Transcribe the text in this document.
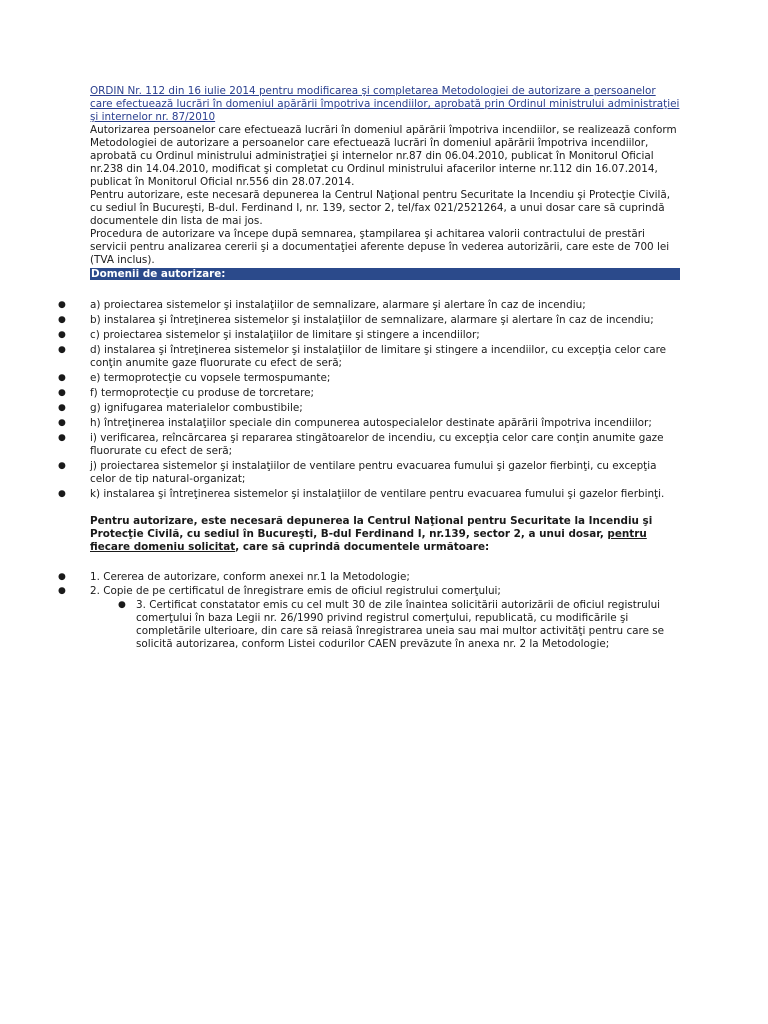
ORDIN Nr. 112 din 16 iulie 2014 pentru modificarea şi completarea Metodologiei de autorizare a persoanelor care efectuează lucrări în domeniul apărării împotriva incendiilor, aprobată prin Ordinul ministrului administraţiei şi internelor nr. 87/2010

Autorizarea persoanelor care efectuează lucrări în domeniul apărării împotriva incendiilor, se realizează conform Metodologiei de autorizare a persoanelor care efectuează lucrări în domeniul apărării împotriva incendiilor, aprobată cu Ordinul ministrului administraţiei şi internelor nr.87 din 06.04.2010, publicat în Monitorul Oficial nr.238 din 14.04.2010, modificat şi completat cu Ordinul ministrului afacerilor interne nr.112 din 16.07.2014, publicat în Monitorul Oficial nr.556 din 28.07.2014.

Pentru autorizare, este necesară depunerea la Centrul Naţional pentru Securitate la Incendiu şi Protecţie Civilă, cu sediul în Bucureşti, B-dul. Ferdinand I, nr. 139, sector 2, tel/fax 021/2521264, a unui dosar care să cuprindă documentele din lista de mai jos.

Procedura de autorizare va începe după semnarea, ştampilarea şi achitarea valorii contractului de prestări servicii pentru analizarea cererii şi a documentaţiei aferente depuse în vederea autorizării, care este de 700 lei (TVA inclus).

Domenii de autorizare:
● a) proiectarea sistemelor şi instalaţiilor de semnalizare, alarmare şi alertare în caz de incendiu;
● b) instalarea şi întreţinerea sistemelor şi instalaţiilor de semnalizare, alarmare şi alertare în caz de incendiu;
● c) proiectarea sistemelor şi instalaţiilor de limitare şi stingere a incendiilor;
● d) instalarea şi întreţinerea sistemelor şi instalaţiilor de limitare şi stingere a incendiilor, cu excepţia celor care conţin anumite gaze fluorurate cu efect de seră;
● e) termoprotecţie cu vopsele termospumante;
● f) termoprotecţie cu produse de torcretare;
● g) ignifugarea materialelor combustibile;
● h) întreţinerea instalaţiilor speciale din compunerea autospecialelor destinate apărării împotriva incendiilor;
● i) verificarea, reîncărcarea şi repararea stingătoarelor de incendiu, cu excepţia celor care conţin anumite gaze fluorurate cu efect de seră;
● j) proiectarea sistemelor şi instalaţiilor de ventilare pentru evacuarea fumului şi gazelor fierbinţi, cu excepţia celor de tip natural-organizat;
● k) instalarea şi întreţinerea sistemelor şi instalaţiilor de ventilare pentru evacuarea fumului şi gazelor fierbinţi.

Pentru autorizare, este necesară depunerea la Centrul Naţional pentru Securitate la Incendiu şi Protecţie Civilă, cu sediul în Bucureşti, B-dul Ferdinand I, nr.139, sector 2, a unui dosar, pentru fiecare domeniu solicitat, care să cuprindă documentele următoare:

● 1. Cererea de autorizare, conform anexei nr.1 la Metodologie;
● 2. Copie de pe certificatul de înregistrare emis de oficiul registrului comerţului;
● 3. Certificat constatator emis cu cel mult 30 de zile înaintea solicitării autorizării de oficiul registrului comerţului în baza Legii nr. 26/1990 privind registrul comerţului, republicată, cu modificările şi completările ulterioare, din care să reiasă înregistrarea uneia sau mai multor activităţi pentru care se solicită autorizarea, conform Listei codurilor CAEN prevăzute în anexa nr. 2 la Metodologie;
